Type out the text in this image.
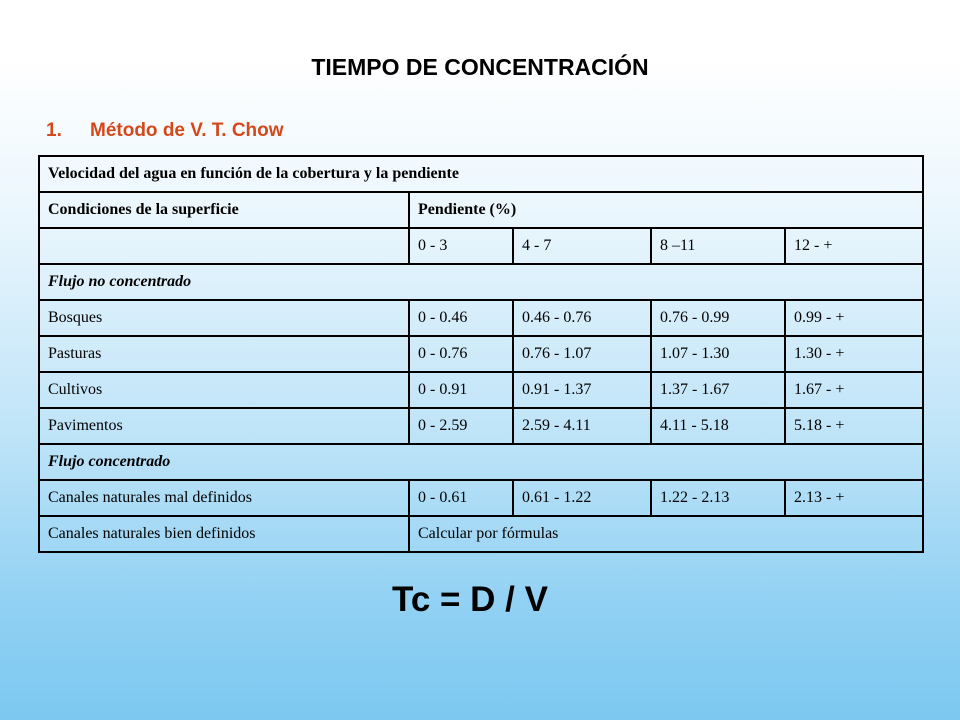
TIEMPO DE CONCENTRACIÓN
1. Método de V. T. Chow
Velocidad del agua en función de la cobertura y la pendiente				
Condiciones de la superficie	Pendiente (%)			
	0 - 3	4 - 7	8 –11	12 - +
Flujo no concentrado				
Bosques	0 - 0.46	0.46 - 0.76	0.76 - 0.99	0.99 - +
Pasturas	0 - 0.76	0.76 - 1.07	1.07 - 1.30	1.30 - +
Cultivos	0 - 0.91	0.91 - 1.37	1.37 - 1.67	1.67 - +
Pavimentos	0 - 2.59	2.59 - 4.11	4.11 - 5.18	5.18 - +
Flujo concentrado				
Canales naturales mal definidos	0 - 0.61	0.61 - 1.22	1.22 - 2.13	2.13 - +
Canales naturales bien definidos	Calcular por fórmulas			
Tc = D / V
